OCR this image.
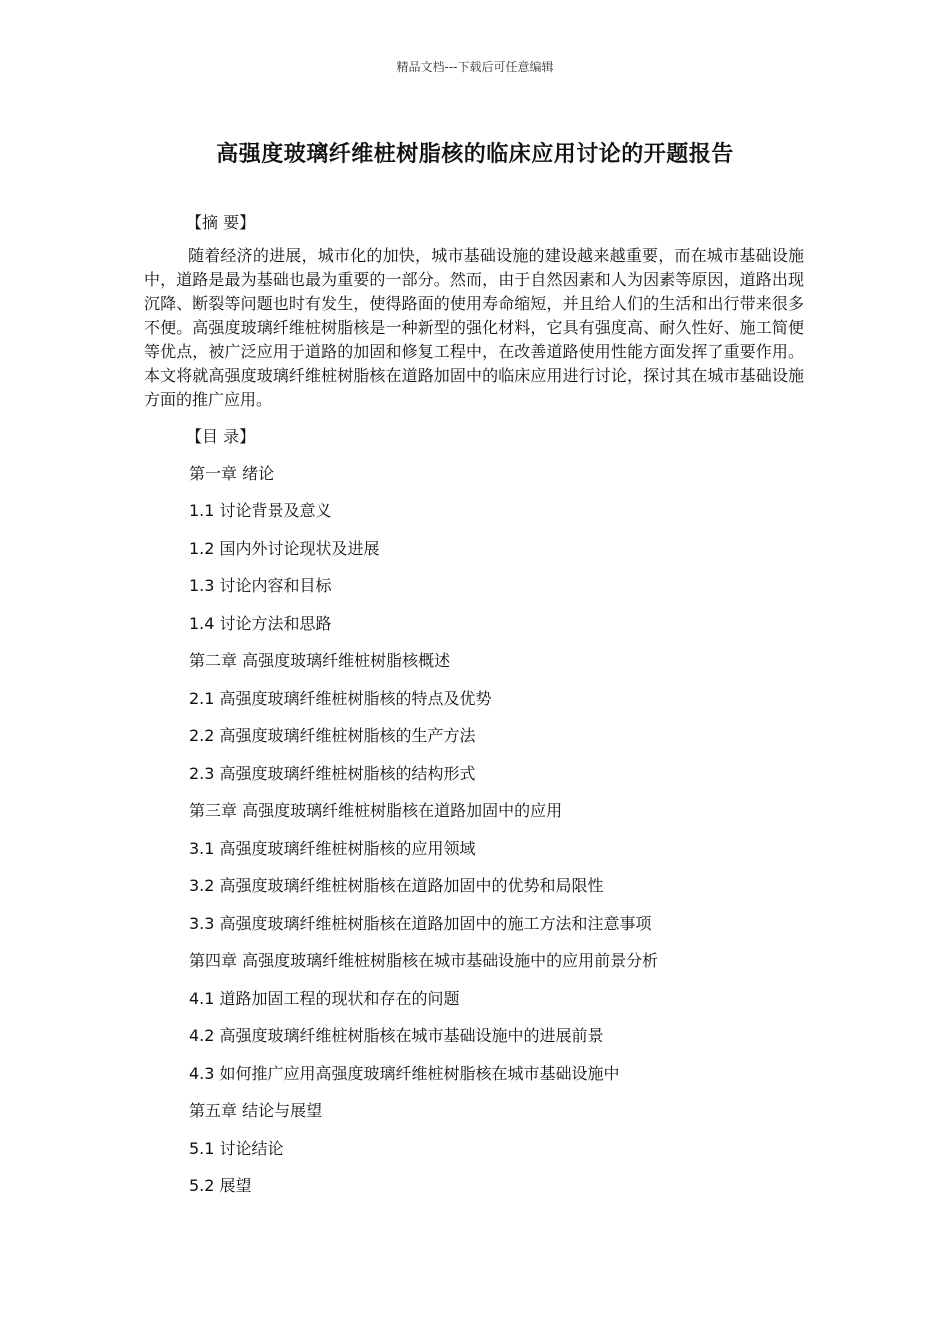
精品文档---下载后可任意编辑
高强度玻璃纤维桩树脂核的临床应用讨论的开题报告
【摘 要】

随着经济的进展，城市化的加快，城市基础设施的建设越来越重要，而在城市基础设施中，道路是最为基础也最为重要的一部分。然而，由于自然因素和人为因素等原因，道路出现沉降、断裂等问题也时有发生，使得路面的使用寿命缩短，并且给人们的生活和出行带来很多不便。高强度玻璃纤维桩树脂核是一种新型的强化材料，它具有强度高、耐久性好、施工简便等优点，被广泛应用于道路的加固和修复工程中，在改善道路使用性能方面发挥了重要作用。本文将就高强度玻璃纤维桩树脂核在道路加固中的临床应用进行讨论，探讨其在城市基础设施方面的推广应用。

【目 录】
第一章 绪论
1.1 讨论背景及意义
1.2 国内外讨论现状及进展
1.3 讨论内容和目标
1.4 讨论方法和思路
第二章 高强度玻璃纤维桩树脂核概述
2.1 高强度玻璃纤维桩树脂核的特点及优势
2.2 高强度玻璃纤维桩树脂核的生产方法
2.3 高强度玻璃纤维桩树脂核的结构形式
第三章 高强度玻璃纤维桩树脂核在道路加固中的应用
3.1 高强度玻璃纤维桩树脂核的应用领域
3.2 高强度玻璃纤维桩树脂核在道路加固中的优势和局限性
3.3 高强度玻璃纤维桩树脂核在道路加固中的施工方法和注意事项
第四章 高强度玻璃纤维桩树脂核在城市基础设施中的应用前景分析
4.1 道路加固工程的现状和存在的问题
4.2 高强度玻璃纤维桩树脂核在城市基础设施中的进展前景
4.3 如何推广应用高强度玻璃纤维桩树脂核在城市基础设施中
第五章 结论与展望
5.1 讨论结论
5.2 展望
